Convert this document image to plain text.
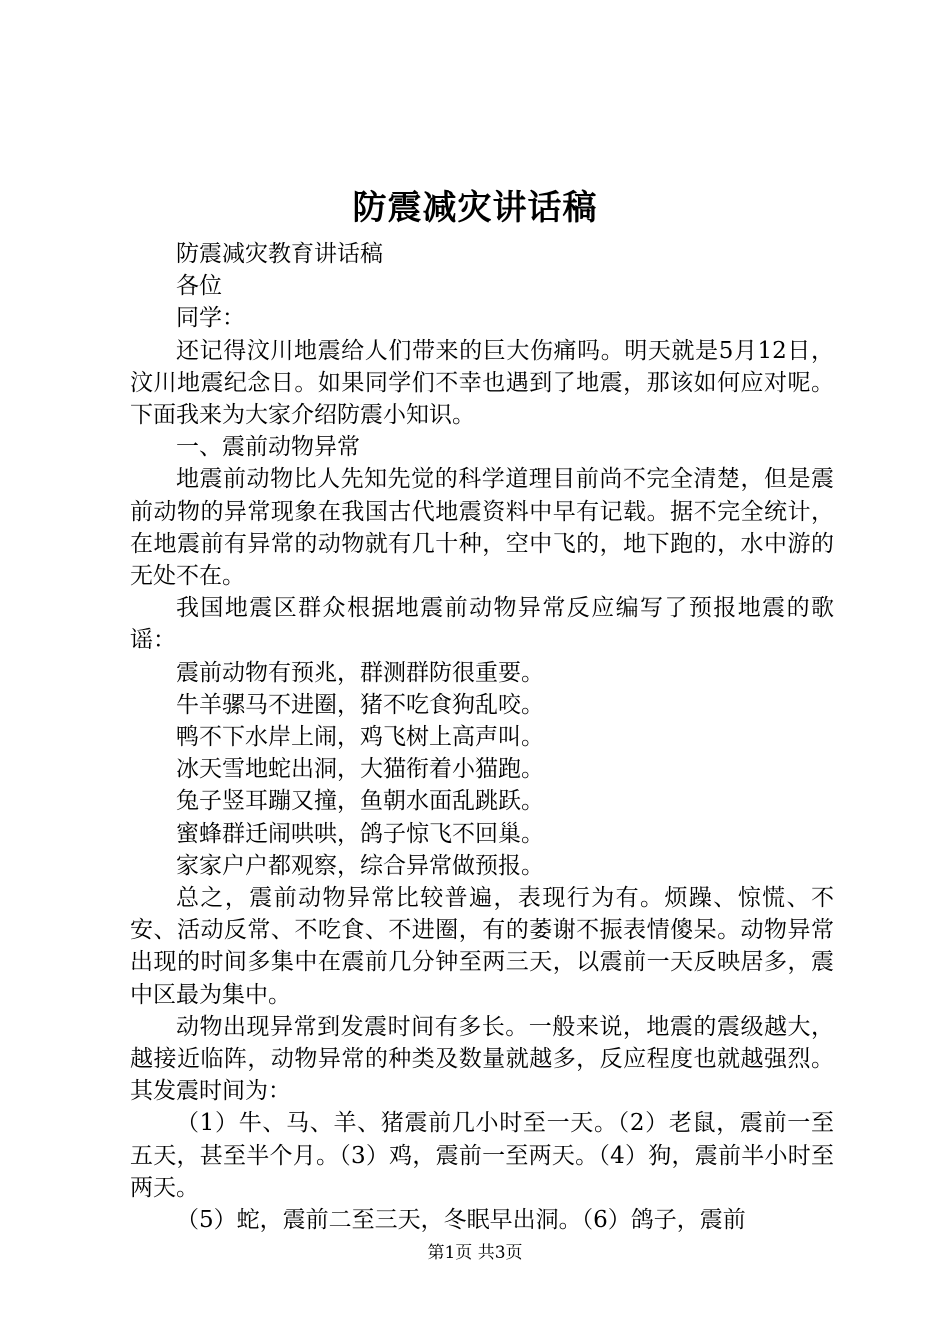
防震减灾讲话稿

防震减灾教育讲话稿

各位

同学：

还记得汶川地震给人们带来的巨大伤痛吗。明天就是5月12日，汶川地震纪念日。如果同学们不幸也遇到了地震，那该如何应对呢。下面我来为大家介绍防震小知识。

一、震前动物异常

地震前动物比人先知先觉的科学道理目前尚不完全清楚，但是震前动物的异常现象在我国古代地震资料中早有记载。据不完全统计，在地震前有异常的动物就有几十种，空中飞的，地下跑的，水中游的无处不在。

我国地震区群众根据地震前动物异常反应编写了预报地震的歌谣：

震前动物有预兆，群测群防很重要。

牛羊骡马不进圈，猪不吃食狗乱咬。

鸭不下水岸上闹，鸡飞树上高声叫。

冰天雪地蛇出洞，大猫衔着小猫跑。

兔子竖耳蹦又撞，鱼朝水面乱跳跃。

蜜蜂群迁闹哄哄，鸽子惊飞不回巢。

家家户户都观察，综合异常做预报。

总之，震前动物异常比较普遍，表现行为有。烦躁、惊慌、不安、活动反常、不吃食、不进圈，有的萎谢不振表情傻呆。动物异常出现的时间多集中在震前几分钟至两三天，以震前一天反映居多，震中区最为集中。

动物出现异常到发震时间有多长。一般来说，地震的震级越大，越接近临阵，动物异常的种类及数量就越多，反应程度也就越强烈。其发震时间为：

（1）牛、马、羊、猪震前几小时至一天。（2）老鼠，震前一至五天，甚至半个月。（3）鸡，震前一至两天。（4）狗，震前半小时至两天。

（5）蛇，震前二至三天，冬眠早出洞。（6）鸽子，震前

第1页 共3页
